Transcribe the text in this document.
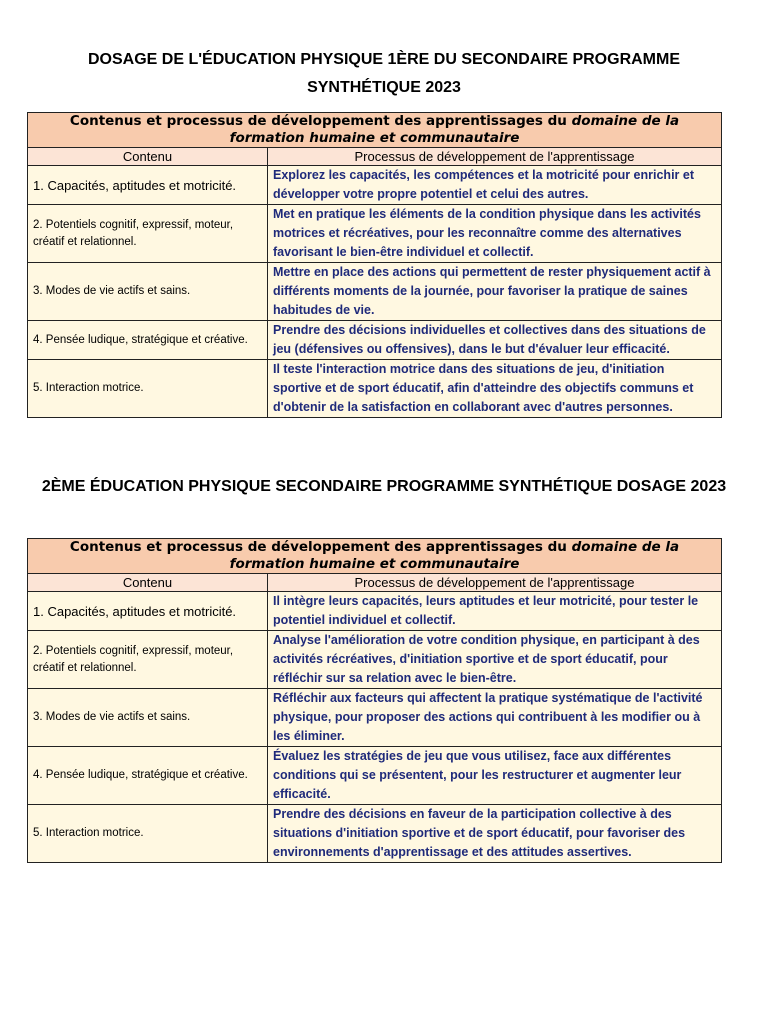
DOSAGE DE L'ÉDUCATION PHYSIQUE 1ÈRE DU SECONDAIRE PROGRAMME SYNTHÉTIQUE 2023
Contenus et processus de développement des apprentissages du domaine de la formation humaine et communautaire	
Contenu	Processus de développement de l'apprentissage
1. Capacités, aptitudes et motricité.	Explorez les capacités, les compétences et la motricité pour enrichir et développer votre propre potentiel et celui des autres.
2. Potentiels cognitif, expressif, moteur, créatif et relationnel.	Met en pratique les éléments de la condition physique dans les activités motrices et récréatives, pour les reconnaître comme des alternatives favorisant le bien-être individuel et collectif.
3. Modes de vie actifs et sains.	Mettre en place des actions qui permettent de rester physiquement actif à différents moments de la journée, pour favoriser la pratique de saines habitudes de vie.
4. Pensée ludique, stratégique et créative.	Prendre des décisions individuelles et collectives dans des situations de jeu (défensives ou offensives), dans le but d'évaluer leur efficacité.
5. Interaction motrice.	Il teste l'interaction motrice dans des situations de jeu, d'initiation sportive et de sport éducatif, afin d'atteindre des objectifs communs et d'obtenir de la satisfaction en collaborant avec d'autres personnes.
2ÈME ÉDUCATION PHYSIQUE SECONDAIRE PROGRAMME SYNTHÉTIQUE DOSAGE 2023
Contenus et processus de développement des apprentissages du domaine de la formation humaine et communautaire	
Contenu	Processus de développement de l'apprentissage
1. Capacités, aptitudes et motricité.	Il intègre leurs capacités, leurs aptitudes et leur motricité, pour tester le potentiel individuel et collectif.
2. Potentiels cognitif, expressif, moteur, créatif et relationnel.	Analyse l'amélioration de votre condition physique, en participant à des activités récréatives, d'initiation sportive et de sport éducatif, pour réfléchir sur sa relation avec le bien-être.
3. Modes de vie actifs et sains.	Réfléchir aux facteurs qui affectent la pratique systématique de l'activité physique, pour proposer des actions qui contribuent à les modifier ou à les éliminer.
4. Pensée ludique, stratégique et créative.	Évaluez les stratégies de jeu que vous utilisez, face aux différentes conditions qui se présentent, pour les restructurer et augmenter leur efficacité.
5. Interaction motrice.	Prendre des décisions en faveur de la participation collective à des situations d'initiation sportive et de sport éducatif, pour favoriser des environnements d'apprentissage et des attitudes assertives.
